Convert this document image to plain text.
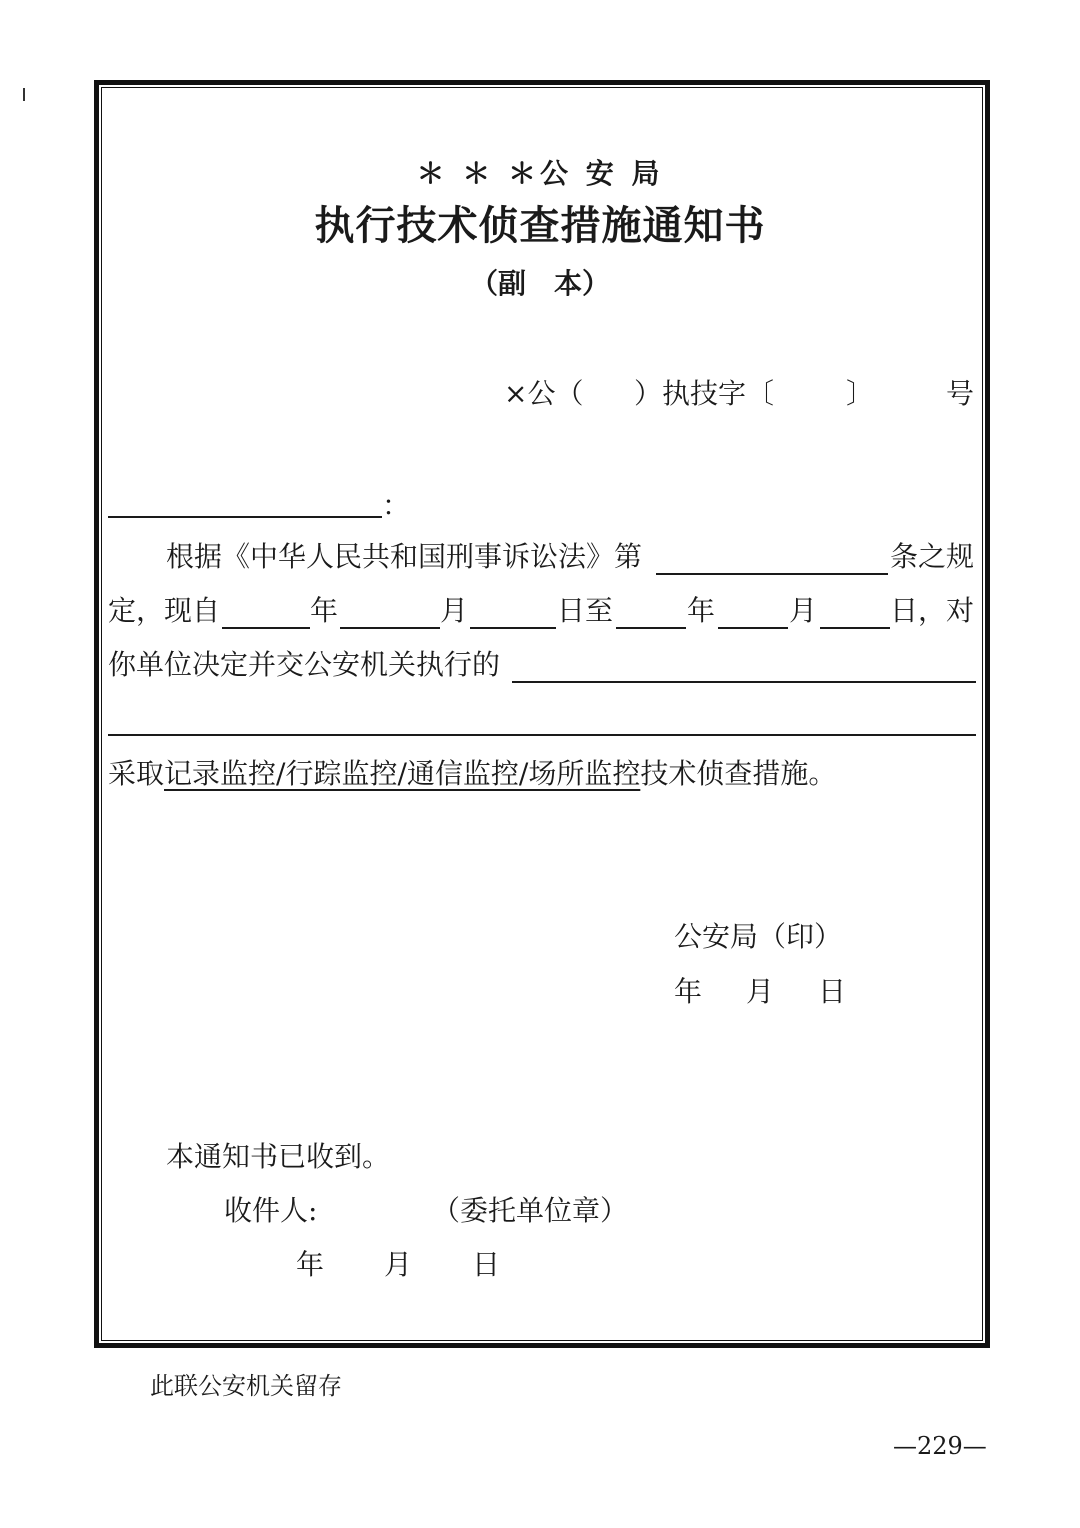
＊ ＊ ＊公 安 局
执行技术侦查措施通知书
（副　本）
×公（ ）执技字〔	〕	号
：
根据《中华人民共和国刑事诉讼法》第	条之规
定，现自	年	月	日至	年	月	日，对
你单位决定并交公安机关执行的
采取记录监控/行踪监控/通信监控/场所监控技术侦查措施。
公安局（印）
年 月 日
本通知书已收到。
收件人:	（委托单位章）
年 月 日
此联公安机关留存
—229—
